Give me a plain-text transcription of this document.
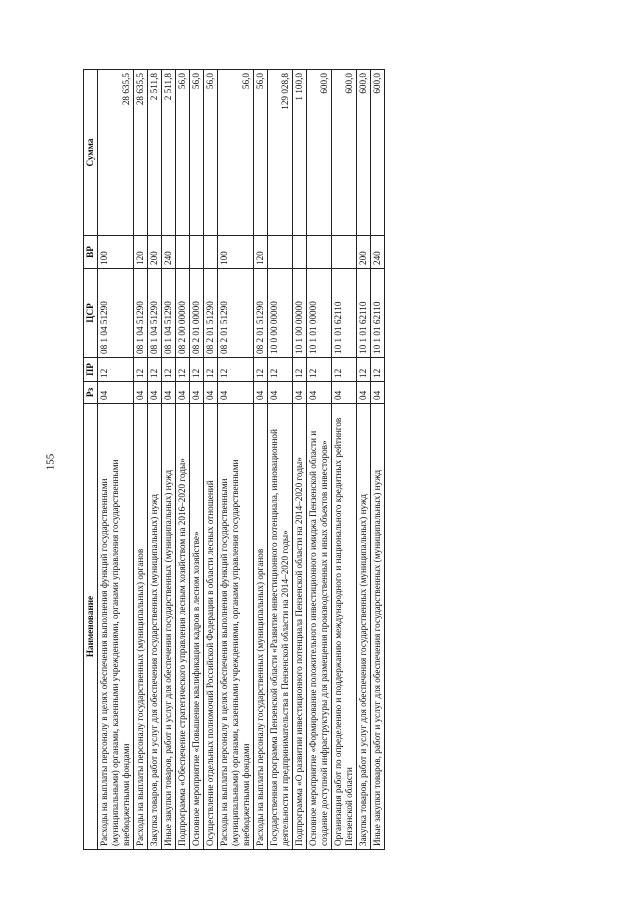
155
Наименование	Рз	ПР	ЦСР	ВР	Сумма
Расходы на выплаты персоналу в целях обеспечения выполнения функций государственными (муниципальными) органами, казенными учреждениями, органами управления государственными внебюджетными фондами	04	12	08 1 04 51290	100	28 635,5
Расходы на выплаты персоналу государственных (муниципальных) органов	04	12	08 1 04 51290	120	28 635,5
Закупка товаров, работ и услуг для обеспечения государственных (муниципальных) нужд	04	12	08 1 04 51290	200	2 511,8
Иные закупки товаров, работ и услуг для обеспечения государственных (муниципальных) нужд	04	12	08 1 04 51290	240	2 511,8
Подпрограмма «Обеспечение стратегического управления лесным хозяйством на 2016–2020 годы»	04	12	08 2 00 00000		56,0
Основное мероприятие «Повышение квалификации кадров в лесном хозяйстве»	04	12	08 2 01 00000		56,0
Осуществление отдельных полномочий Российской Федерации в области лесных отношений	04	12	08 2 01 51290		56,0
Расходы на выплаты персоналу в целях обеспечения выполнения функций государственными (муниципальными) органами, казенными учреждениями, органами управления государственными внебюджетными фондами	04	12	08 2 01 51290	100	56,0
Расходы на выплаты персоналу государственных (муниципальных) органов	04	12	08 2 01 51290	120	56,0
Государственная программа Пензенской области «Развитие инвестиционного потенциала, инновационной деятельности и предпринимательства в Пензенской области на 2014–2020 годы»	04	12	10 0 00 00000		129 028,8
Подпрограмма «О развитии инвестиционного потенциала Пензенской области на 2014–2020 годы»	04	12	10 1 00 00000		1 100,0
Основное мероприятие «Формирование положительного инвестиционного имиджа Пензенской области и создание доступной инфраструктуры для размещения производственных и иных объектов инвесторов»	04	12	10 1 01 00000		600,0
Организация работ по определению и поддержанию международного и национального кредитных рейтингов Пензенской области	04	12	10 1 01 62110		600,0
Закупка товаров, работ и услуг для обеспечения государственных (муниципальных) нужд	04	12	10 1 01 62110	200	600,0
Иные закупки товаров, работ и услуг для обеспечения государственных (муниципальных) нужд	04	12	10 1 01 62110	240	600,0
